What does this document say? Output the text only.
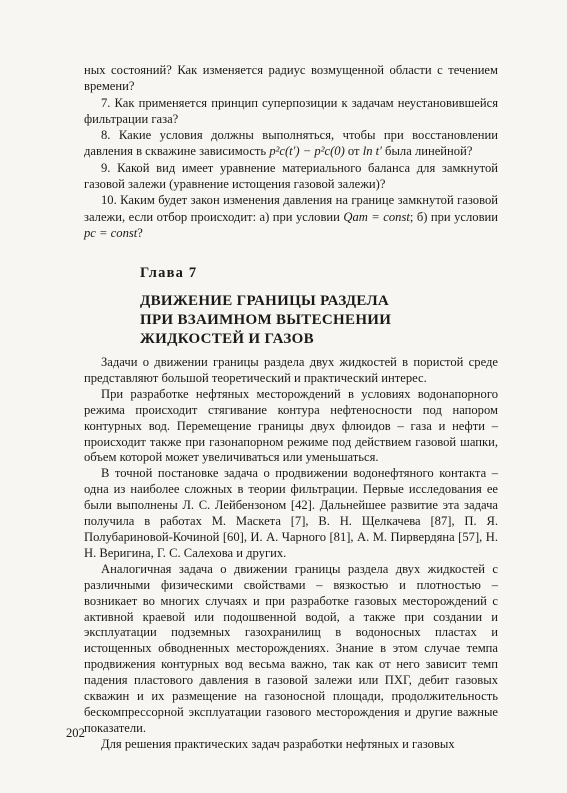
ных состояний? Как изменяется радиус возмущенной области с течением времени?

7. Как применяется принцип суперпозиции к задачам неустановившейся фильтрации газа?

8. Какие условия должны выполняться, чтобы при восстановлении давления в скважине зависимость p²c(t′) − p²c(0) от ln t′ была линейной?

9. Какой вид имеет уравнение материального баланса для замкнутой газовой залежи (уравнение истощения газовой залежи)?

10. Каким будет закон изменения давления на границе замкнутой газовой залежи, если отбор происходит: а) при условии Qат = const; б) при условии pc = const?

Глава 7
ДВИЖЕНИЕ ГРАНИЦЫ РАЗДЕЛА
ПРИ ВЗАИМНОМ ВЫТЕСНЕНИИ
ЖИДКОСТЕЙ И ГАЗОВ

Задачи о движении границы раздела двух жидкостей в пористой среде представляют большой теоретический и практический интерес.

При разработке нефтяных месторождений в условиях водонапорного режима происходит стягивание контура нефтеносности под напором контурных вод. Перемещение границы двух флюидов – газа и нефти – происходит также при газонапорном режиме под действием газовой шапки, объем которой может увеличиваться или уменьшаться.

В точной постановке задача о продвижении водонефтяного контакта – одна из наиболее сложных в теории фильтрации. Первые исследования ее были выполнены Л. С. Лейбензоном [42]. Дальнейшее развитие эта задача получила в работах М. Маскета [7], В. Н. Щелкачева [87], П. Я. Полубариновой-Кочиной [60], И. А. Чарного [81], А. М. Пирвердяна [57], Н. Н. Веригина, Г. С. Салехова и других.

Аналогичная задача о движении границы раздела двух жидкостей с различными физическими свойствами – вязкостью и плотностью – возникает во многих случаях и при разработке газовых месторождений с активной краевой или подошвенной водой, а также при создании и эксплуатации подземных газохранилищ в водоносных пластах и истощенных обводненных месторождениях. Знание в этом случае темпа продвижения контурных вод весьма важно, так как от него зависит темп падения пластового давления в газовой залежи или ПХГ, дебит газовых скважин и их размещение на газоносной площади, продолжительность бескомпрессорной эксплуатации газового месторождения и другие важные показатели.

Для решения практических задач разработки нефтяных и газовых

202
